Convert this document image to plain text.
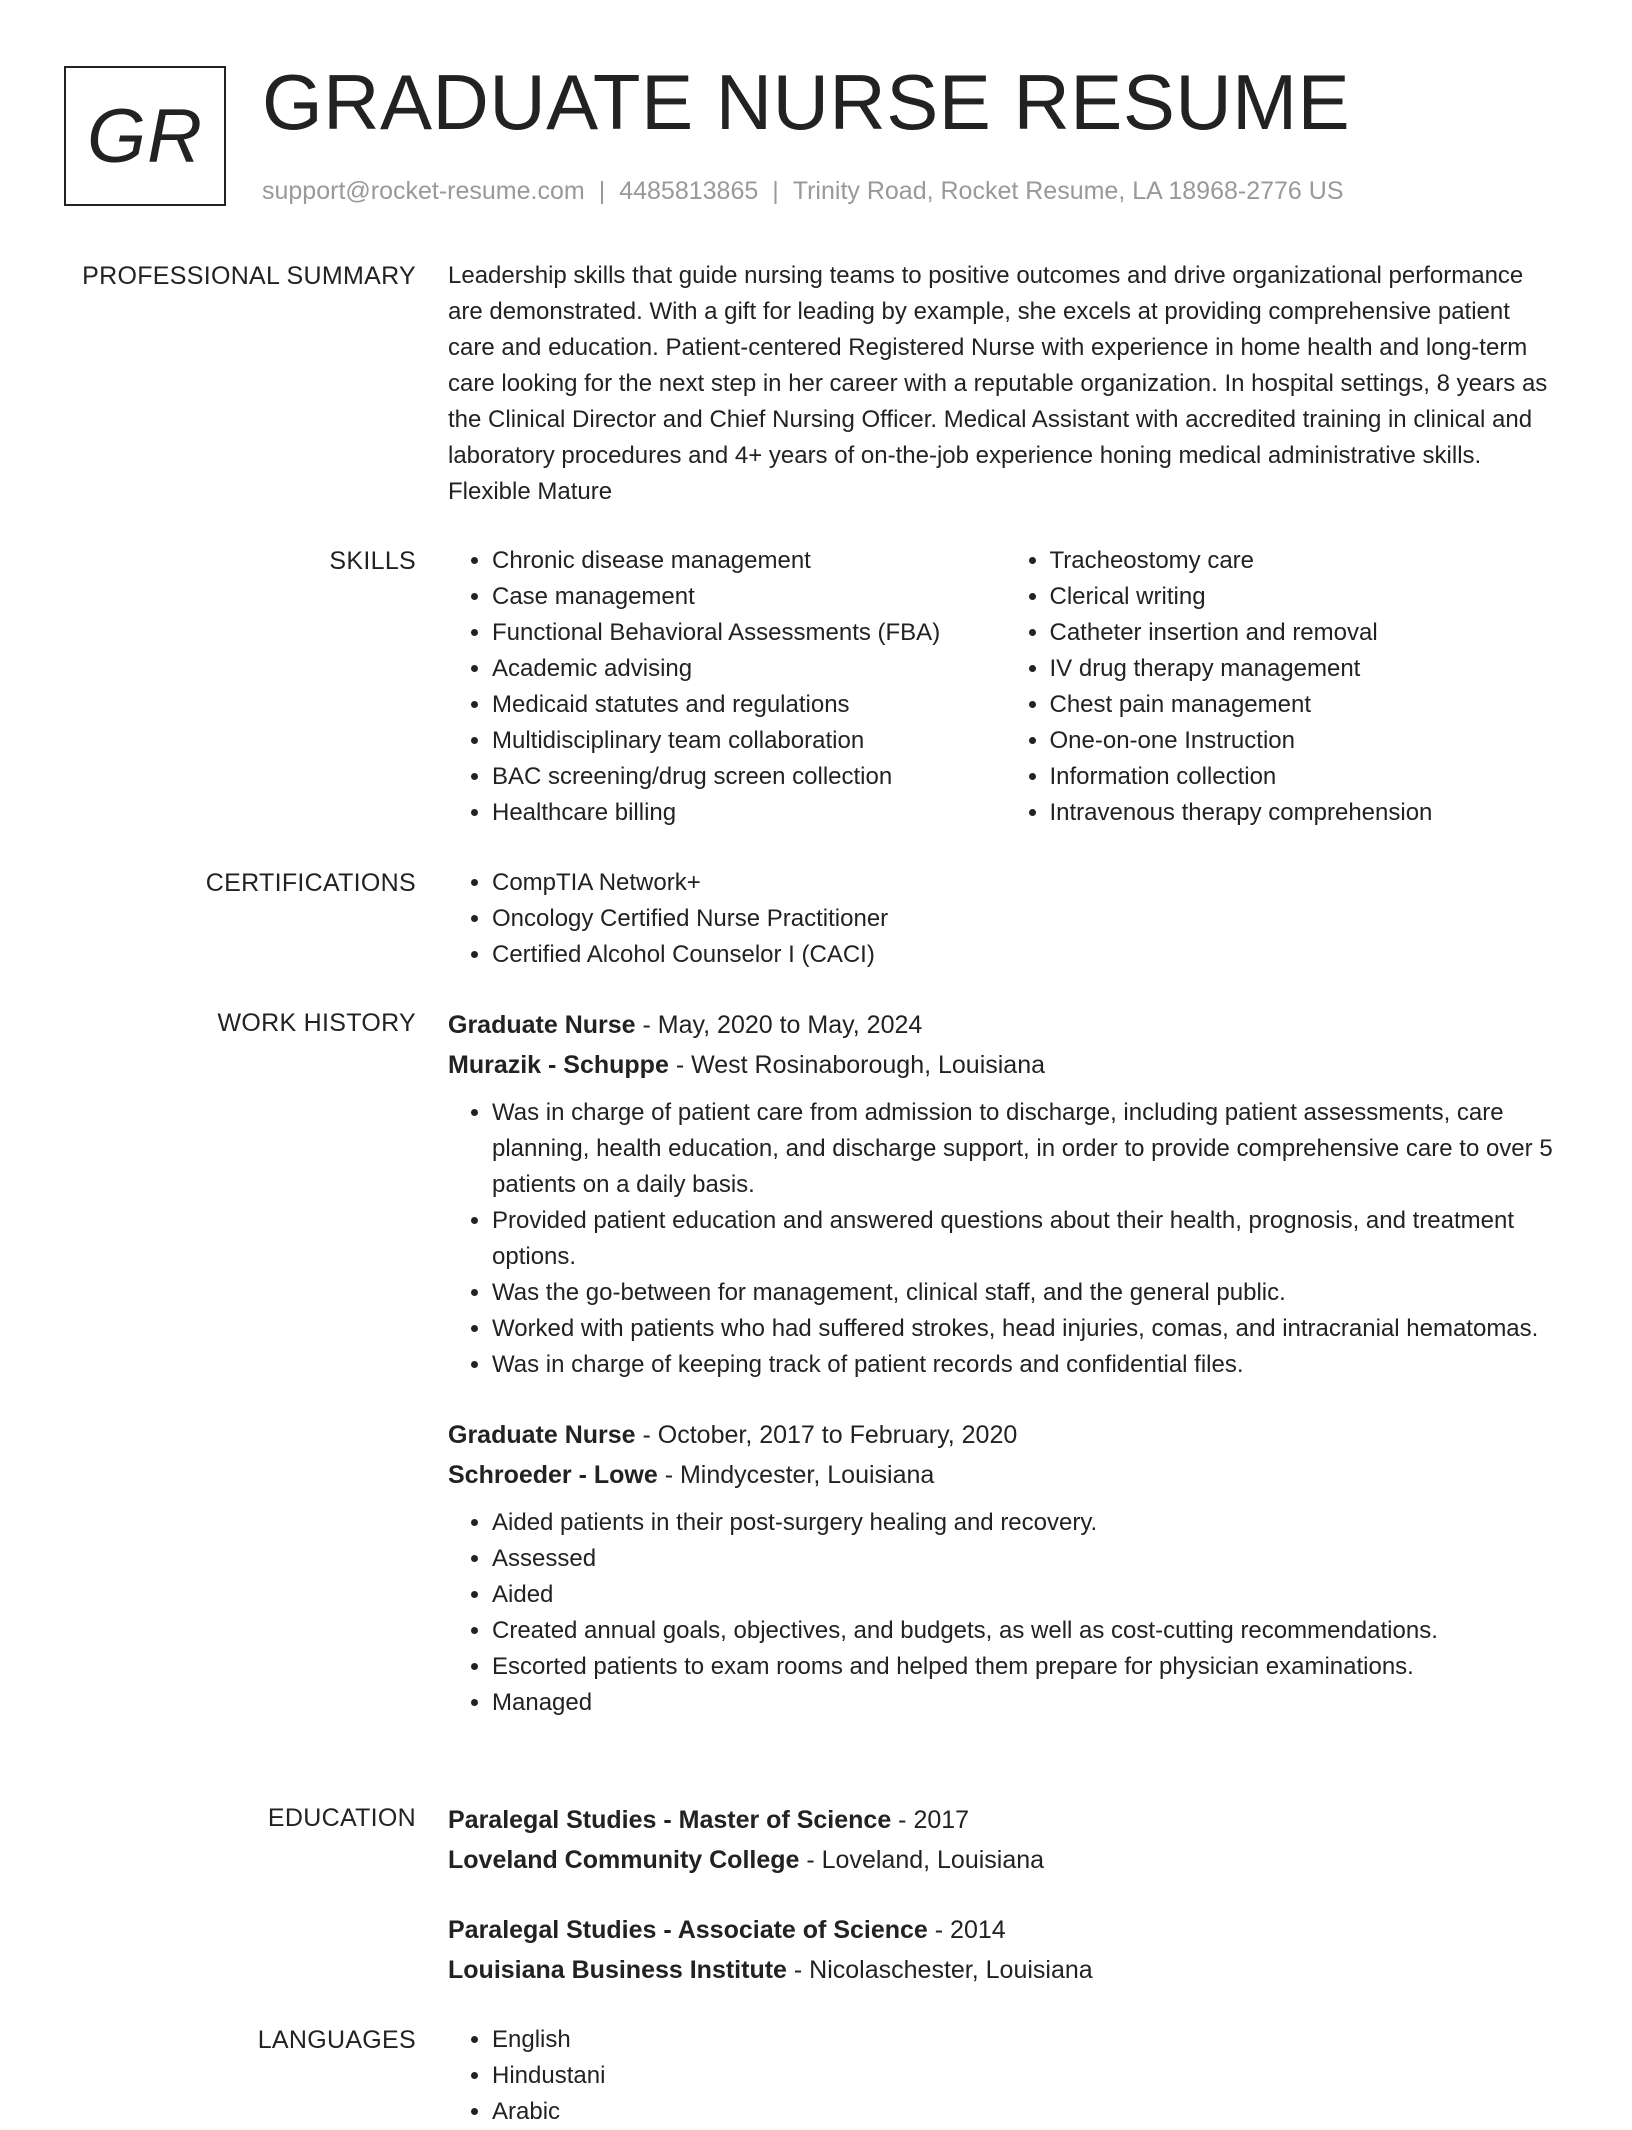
GR GRADUATE NURSE RESUME
support@rocket-resume.com | 4485813865 | Trinity Road, Rocket Resume, LA 18968-2776 US
PROFESSIONAL SUMMARY Leadership skills that guide nursing teams to positive outcomes and drive organizational performance are demonstrated. With a gift for leading by example, she excels at providing comprehensive patient care and education. Patient-centered Registered Nurse with experience in home health and long-term care looking for the next step in her career with a reputable organization. In hospital settings, 8 years as the Clinical Director and Chief Nursing Officer. Medical Assistant with accredited training in clinical and laboratory procedures and 4+ years of on-the-job experience honing medical administrative skills. Flexible Mature

SKILLS	• Chronic disease management
• Case management
• Functional Behavioral Assessments (FBA)
• Academic advising
• Medicaid statutes and regulations
• Multidisciplinary team collaboration
• BAC screening/drug screen collection
• Healthcare billing
• Tracheostomy care
• Clerical writing
• Catheter insertion and removal
• IV drug therapy management
• Chest pain management
• One-on-one Instruction
• Information collection
• Intravenous therapy comprehension
CERTIFICATIONS	• CompTIA Network+
• Oncology Certified Nurse Practitioner
• Certified Alcohol Counselor I (CACI)
WORK HISTORY Graduate Nurse - May, 2020 to May, 2024

Murazik - Schuppe - West Rosinaborough, Louisiana

• Was in charge of patient care from admission to discharge, including patient assessments, care planning, health education, and discharge support, in order to provide comprehensive care to over 5 patients on a daily basis.
• Provided patient education and answered questions about their health, prognosis, and treatment options.
• Was the go-between for management, clinical staff, and the general public.
• Worked with patients who had suffered strokes, head injuries, comas, and intracranial hematomas.
• Was in charge of keeping track of patient records and confidential files.

Graduate Nurse - October, 2017 to February, 2020

Schroeder - Lowe - Mindycester, Louisiana

• Aided patients in their post-surgery healing and recovery.
• Assessed
• Aided
• Created annual goals, objectives, and budgets, as well as cost-cutting recommendations.
• Escorted patients to exam rooms and helped them prepare for physician examinations.
• Managed
EDUCATION Paralegal Studies - Master of Science - 2017

Loveland Community College - Loveland, Louisiana

Paralegal Studies - Associate of Science - 2014

Louisiana Business Institute - Nicolaschester, Louisiana

LANGUAGES	• English
• Hindustani
• Arabic
